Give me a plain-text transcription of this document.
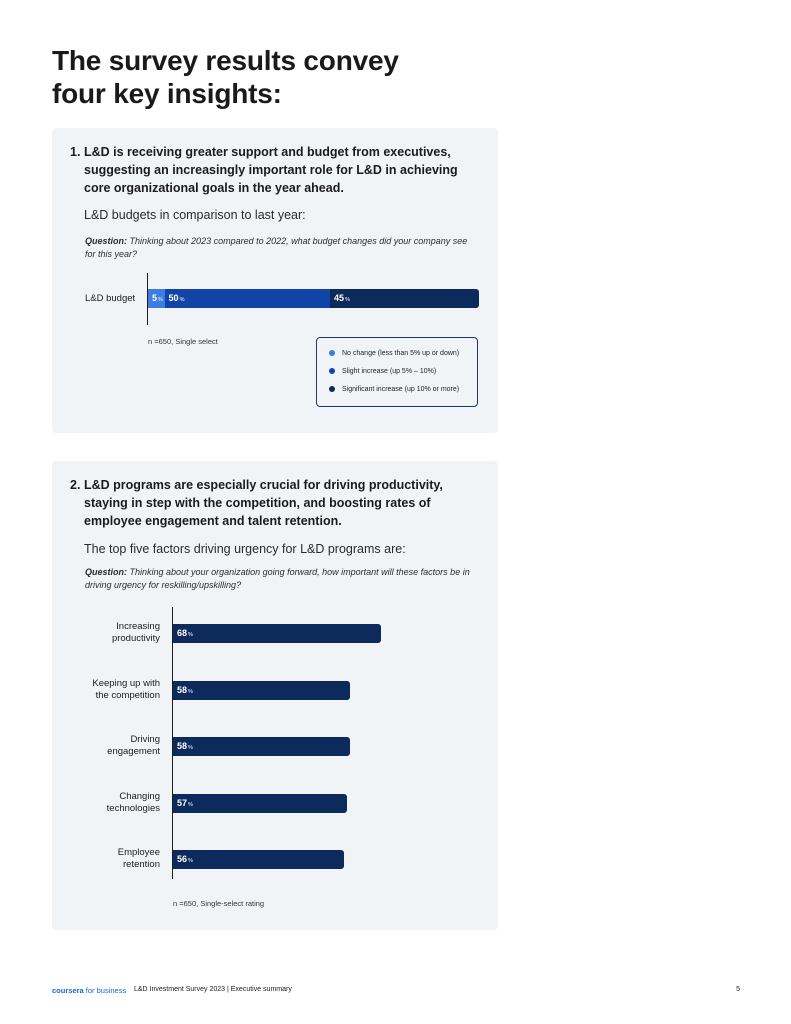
The survey results convey
four key insights:
1. L&D is receiving greater support and budget from executives, suggesting an increasingly important role for L&D in achieving core organizational goals in the year ahead.
L&D budgets in comparison to last year:
Question: Thinking about 2023 compared to 2022, what budget changes did your company see for this year?
L&D budget	5% 50%	45%
n =650, Single select
No change (less than 5% up or down)
Slight increase (up 5% – 10%)
Significant increase (up 10% or more)
2. L&D programs are especially crucial for driving productivity, staying in step with the competition, and boosting rates of employee engagement and talent retention.
The top five factors driving urgency for L&D programs are:
Question: Thinking about your organization going forward, how important will these factors be in driving urgency for reskilling/upskilling?
Increasing
productivity	68%
Keeping up with
the competition	58%
Driving
engagement	58%
Changing
technologies	57%
Employee
retention	56%
n =650, Single-select rating
coursera for business L&D Investment Survey 2023 | Executive summary	5
